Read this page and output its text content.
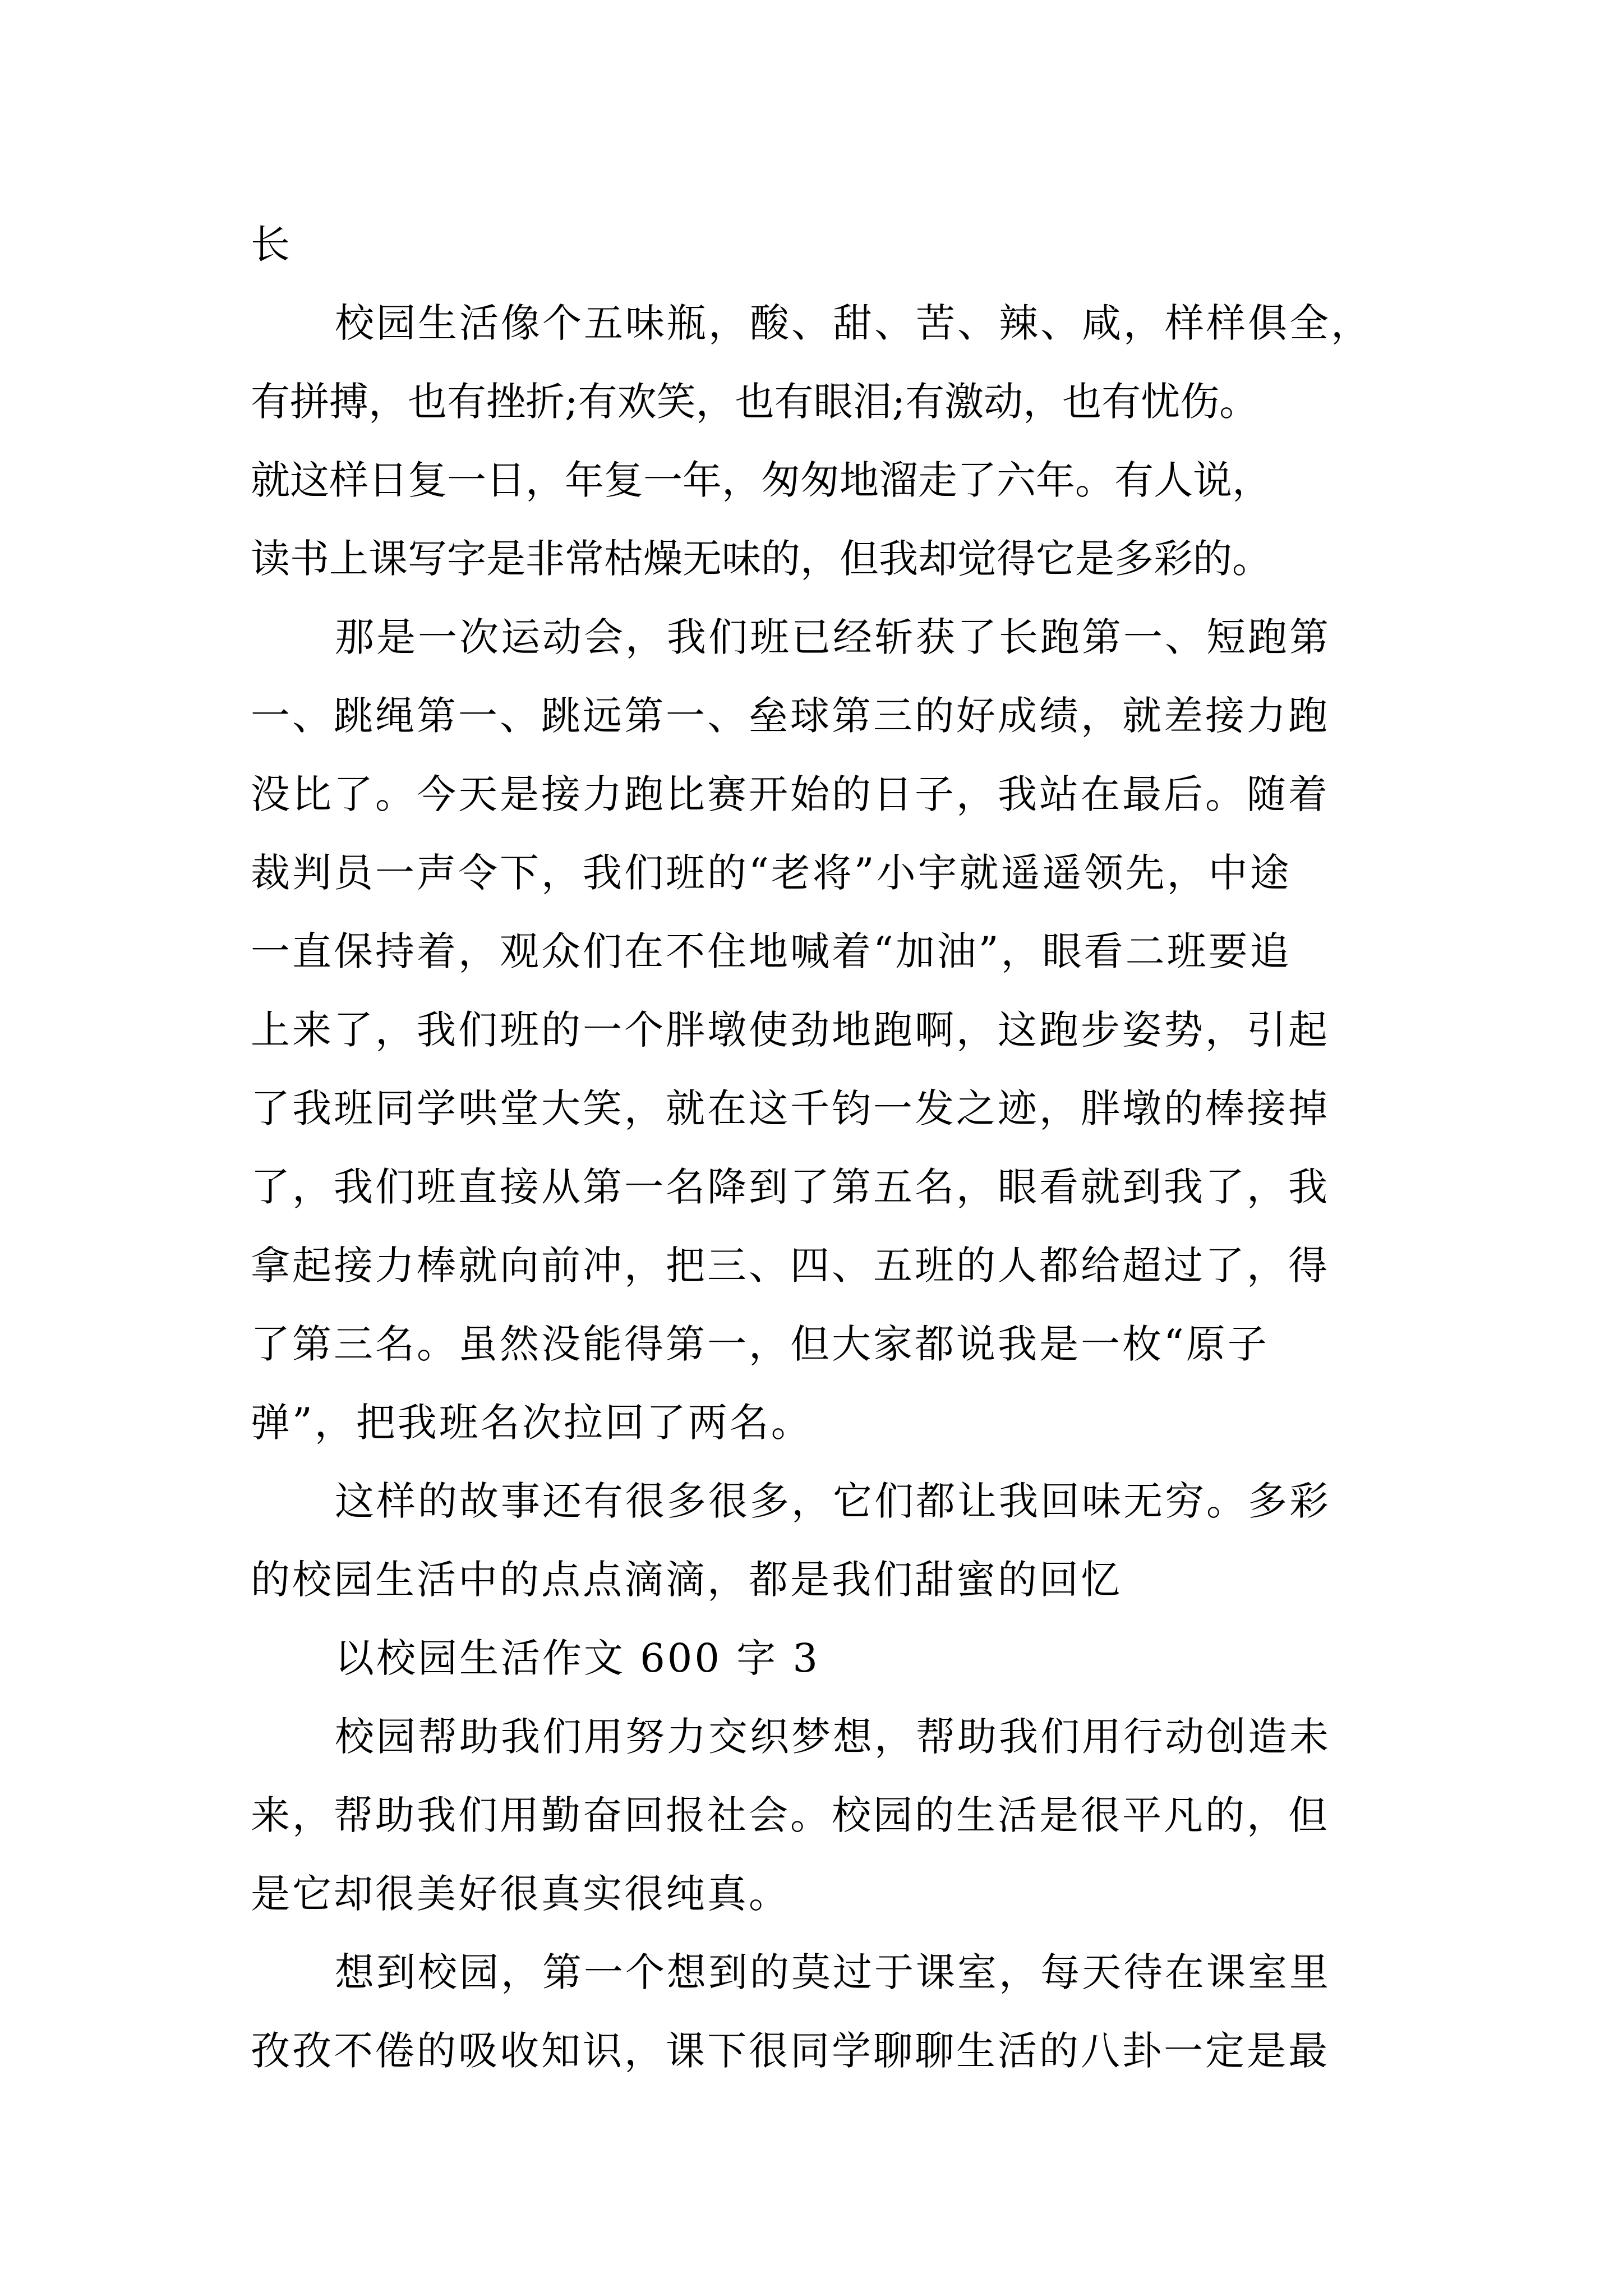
长
校园生活像个五味瓶，酸、甜、苦、辣、咸，样样俱全，
有拼搏，也有挫折;有欢笑，也有眼泪;有激动，也有忧伤。
就这样日复一日，年复一年，匆匆地溜走了六年。有人说，
读书上课写字是非常枯燥无味的，但我却觉得它是多彩的。
那是一次运动会，我们班已经斩获了长跑第一、短跑第
一、跳绳第一、跳远第一、垒球第三的好成绩，就差接力跑
没比了。今天是接力跑比赛开始的日子，我站在最后。随着
裁判员一声令下，我们班的“老将”小宇就遥遥领先，中途
一直保持着，观众们在不住地喊着“加油”，眼看二班要追
上来了，我们班的一个胖墩使劲地跑啊，这跑步姿势，引起
了我班同学哄堂大笑，就在这千钧一发之迹，胖墩的棒接掉
了，我们班直接从第一名降到了第五名，眼看就到我了，我
拿起接力棒就向前冲，把三、四、五班的人都给超过了，得
了第三名。虽然没能得第一，但大家都说我是一枚“原子
弹”，把我班名次拉回了两名。
这样的故事还有很多很多，它们都让我回味无穷。多彩
的校园生活中的点点滴滴，都是我们甜蜜的回忆
以校园生活作文 600 字 3
校园帮助我们用努力交织梦想，帮助我们用行动创造未
来，帮助我们用勤奋回报社会。校园的生活是很平凡的，但
是它却很美好很真实很纯真。
想到校园，第一个想到的莫过于课室，每天待在课室里
孜孜不倦的吸收知识，课下很同学聊聊生活的八卦一定是最
